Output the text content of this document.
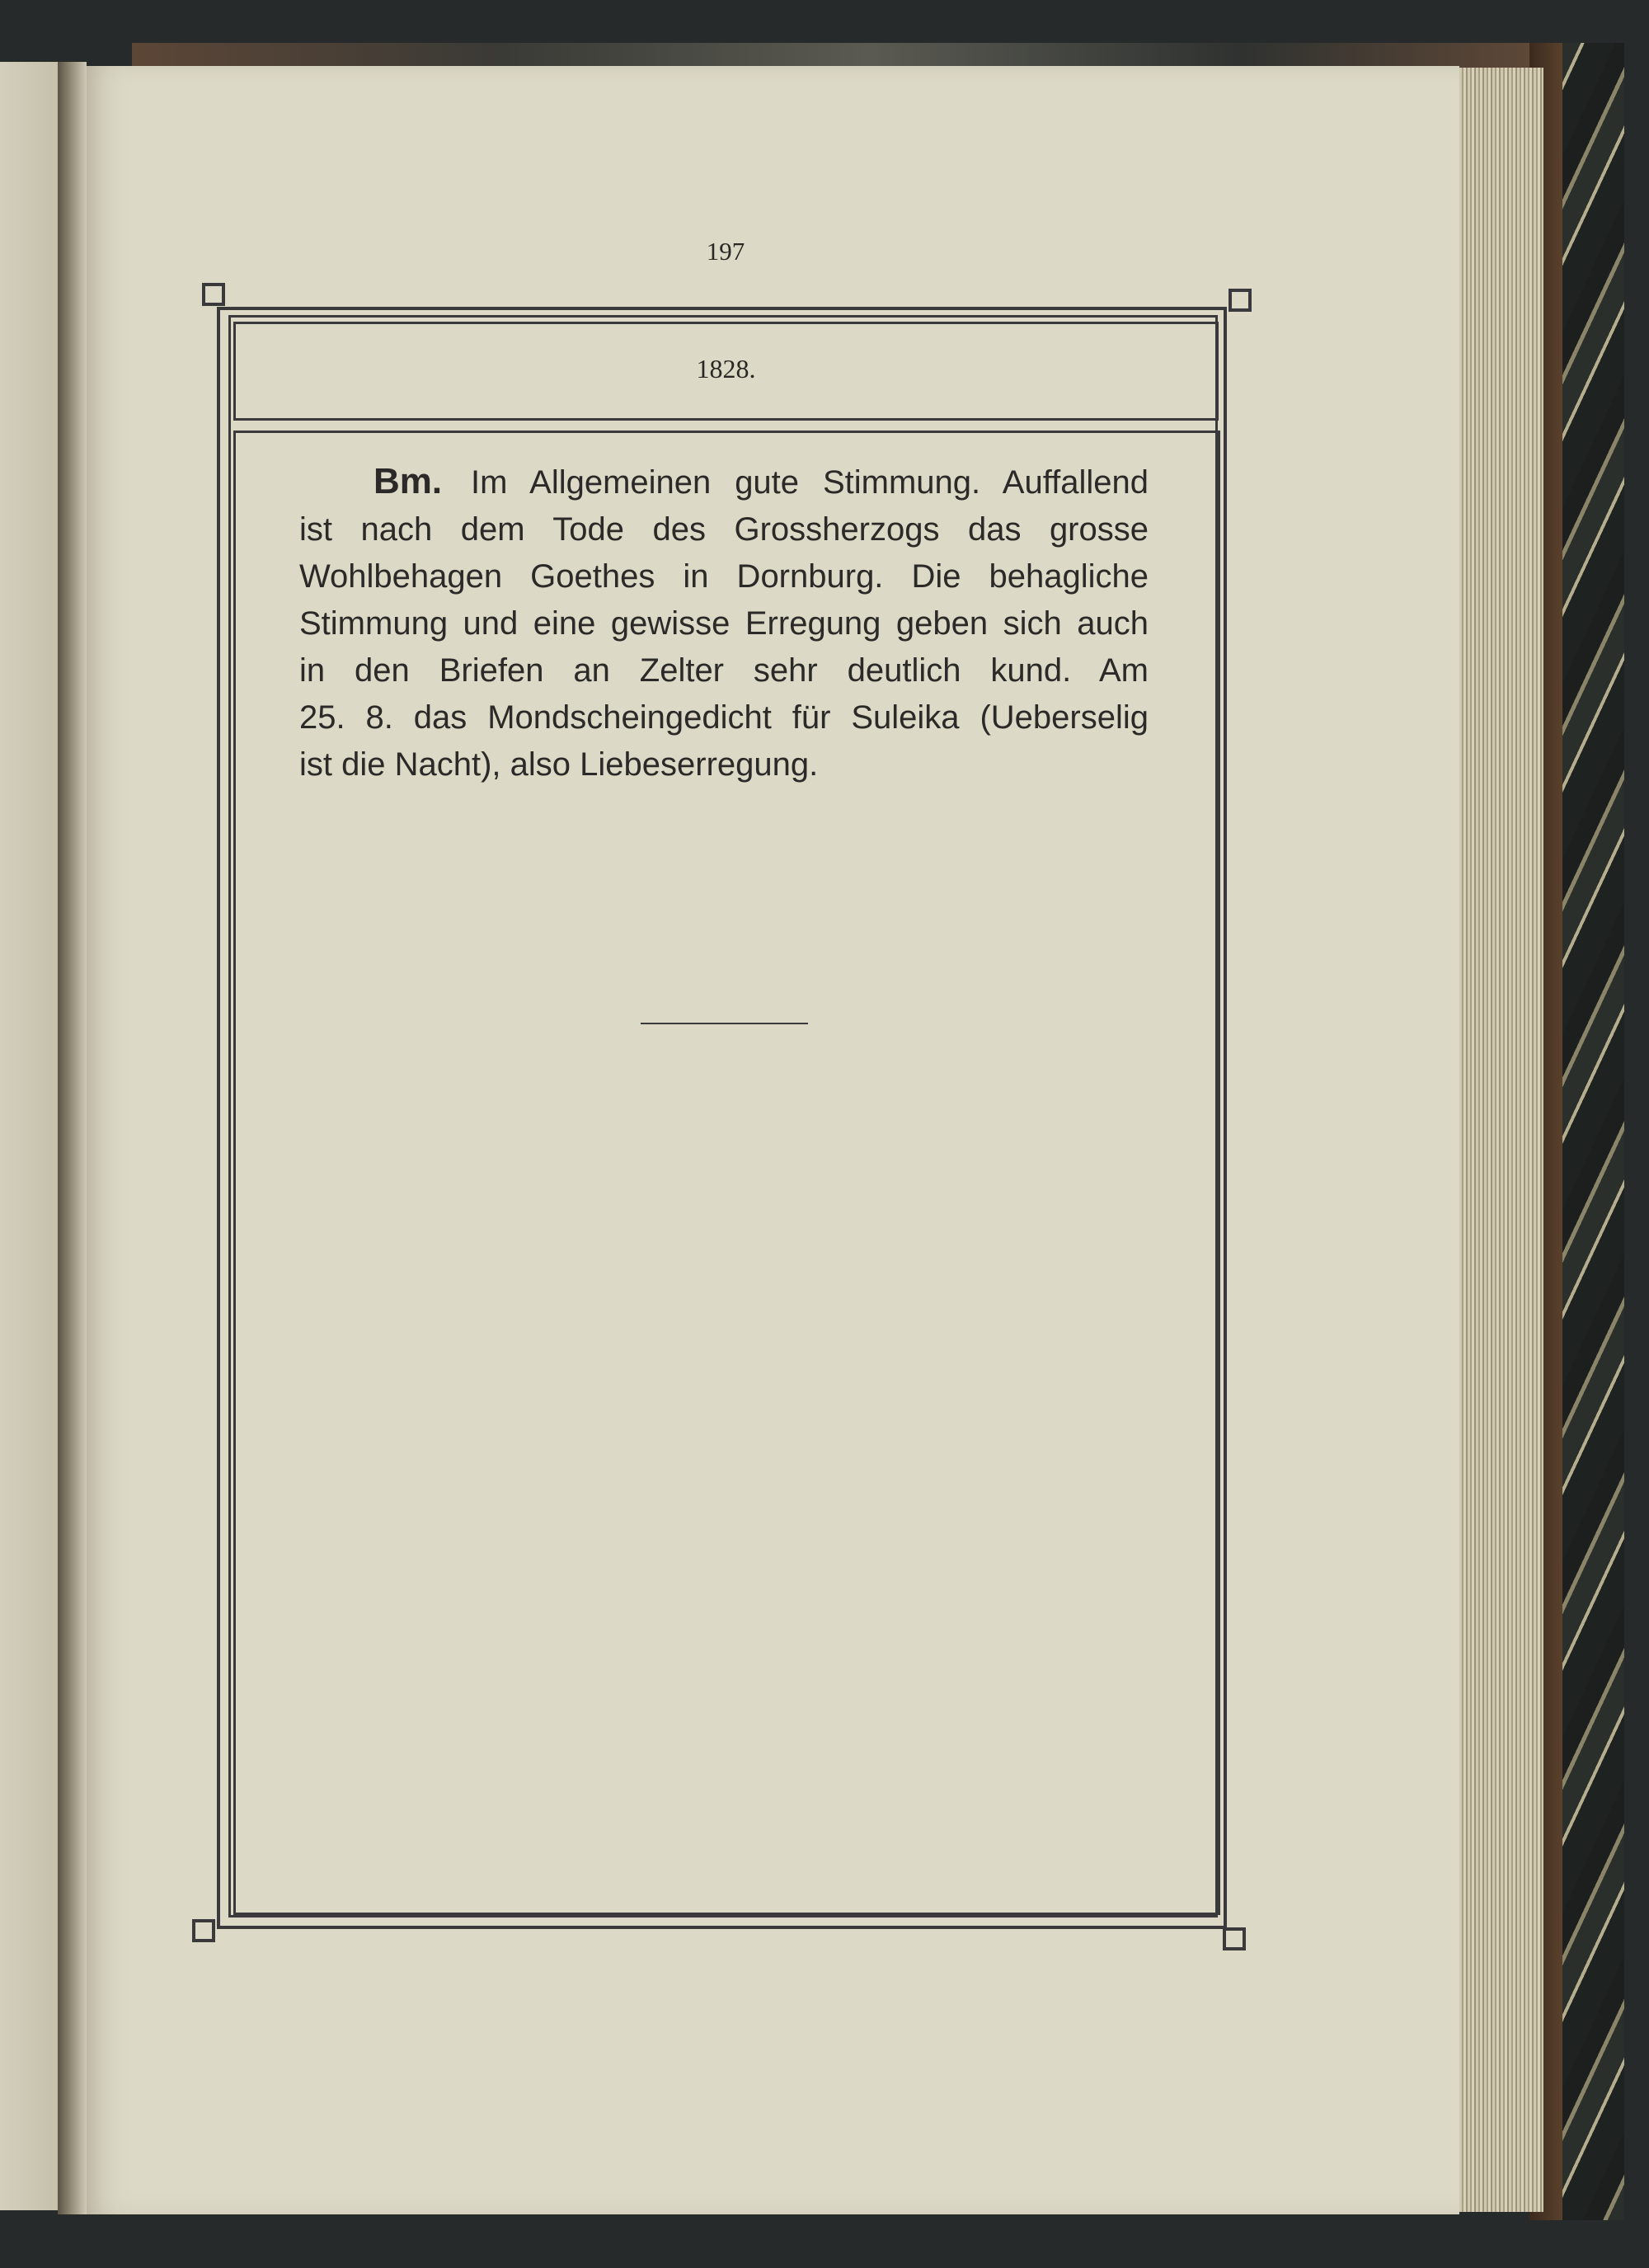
197
1828.
Bm. Im Allgemeinen gute Stimmung. Auffallend
ist nach dem Tode des Grossherzogs das grosse
Wohlbehagen Goethes in Dornburg. Die behagliche
Stimmung und eine gewisse Erregung geben sich auch
in den Briefen an Zelter sehr deutlich kund. Am
25. 8. das Mondscheingedicht für Suleika (Ueberselig
ist die Nacht), also Liebeserregung.
